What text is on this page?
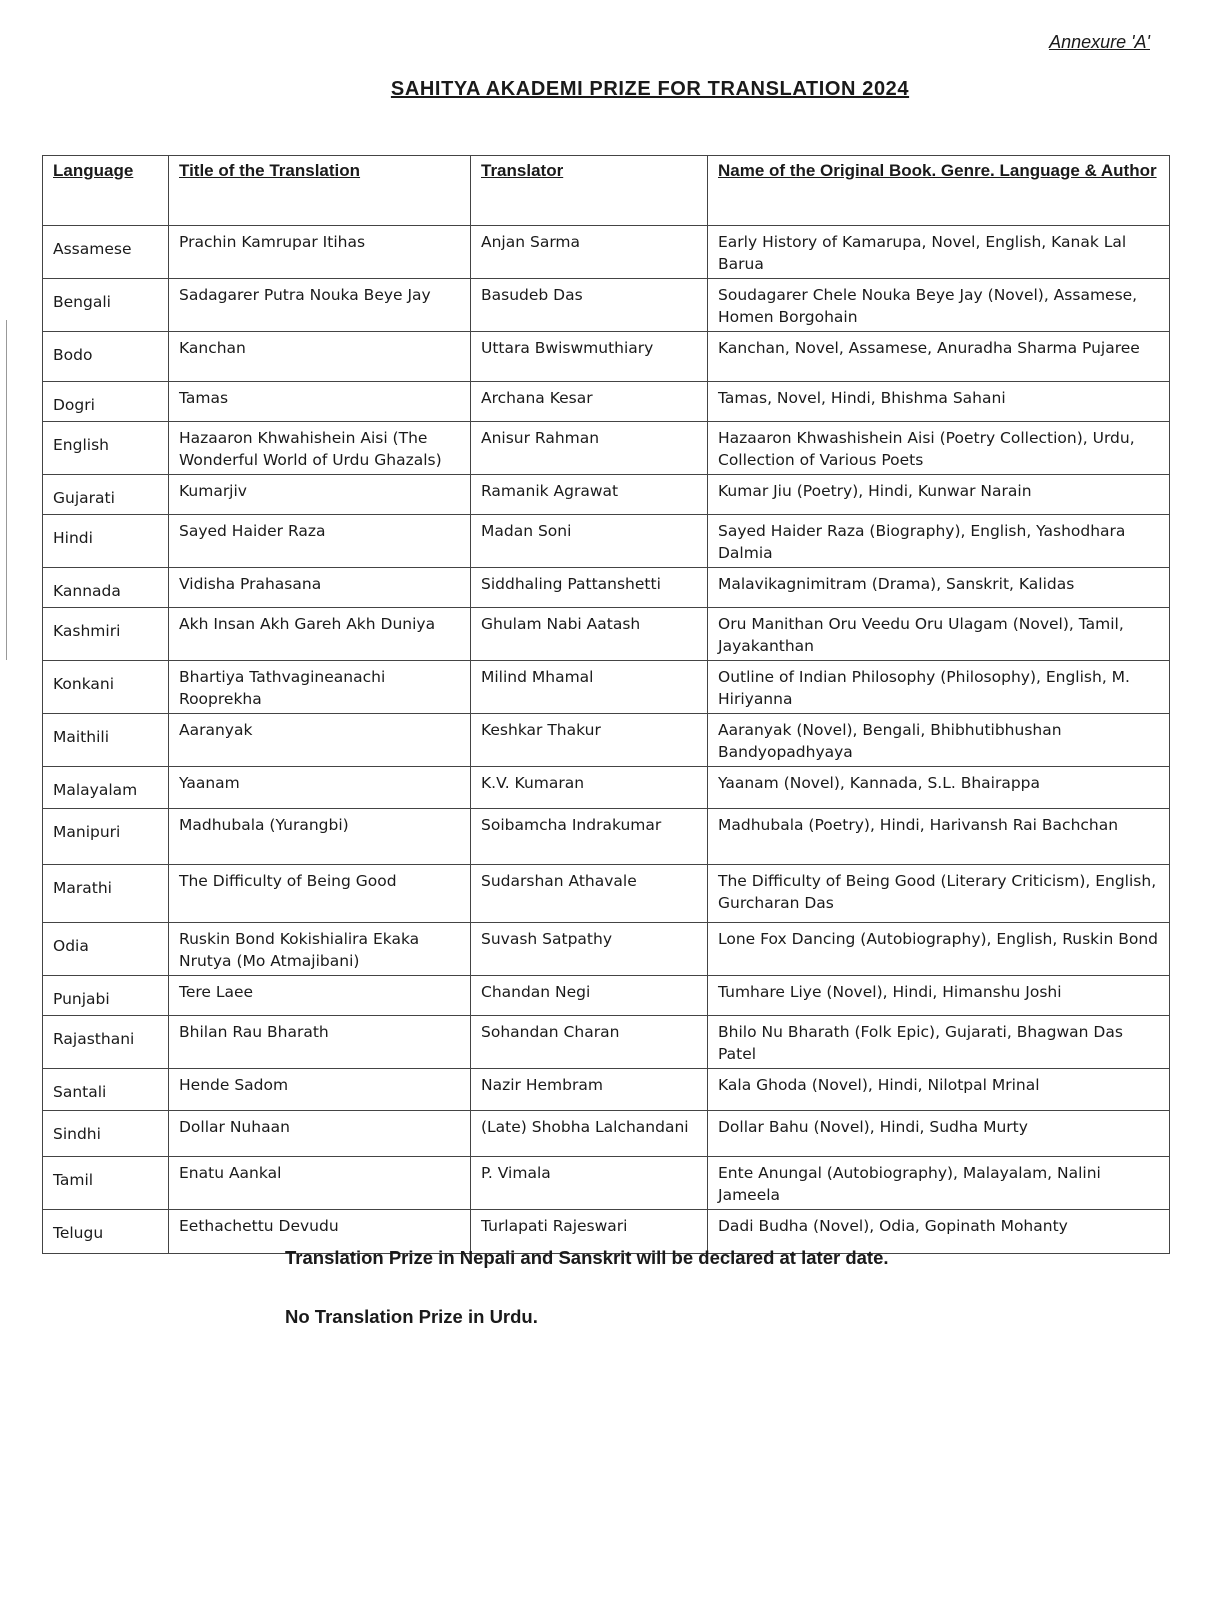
Annexure 'A'
SAHITYA AKADEMI PRIZE FOR TRANSLATION 2024
Language	Title of the Translation	Translator	Name of the Original Book. Genre. Language & Author
Assamese	Prachin Kamrupar Itihas	Anjan Sarma	Early History of Kamarupa, Novel, English, Kanak Lal Barua
Bengali	Sadagarer Putra Nouka Beye Jay	Basudeb Das	Soudagarer Chele Nouka Beye Jay (Novel), Assamese, Homen Borgohain
Bodo	Kanchan	Uttara Bwiswmuthiary	Kanchan, Novel, Assamese, Anuradha Sharma Pujaree
Dogri	Tamas	Archana Kesar	Tamas, Novel, Hindi, Bhishma Sahani
English	Hazaaron Khwahishein Aisi (The Wonderful World of Urdu Ghazals)	Anisur Rahman	Hazaaron Khwashishein Aisi (Poetry Collection), Urdu, Collection of Various Poets
Gujarati	Kumarjiv	Ramanik Agrawat	Kumar Jiu (Poetry), Hindi, Kunwar Narain
Hindi	Sayed Haider Raza	Madan Soni	Sayed Haider Raza (Biography), English, Yashodhara Dalmia
Kannada	Vidisha Prahasana	Siddhaling Pattanshetti	Malavikagnimitram (Drama), Sanskrit, Kalidas
Kashmiri	Akh Insan Akh Gareh Akh Duniya	Ghulam Nabi Aatash	Oru Manithan Oru Veedu Oru Ulagam (Novel), Tamil, Jayakanthan
Konkani	Bhartiya Tathvagineanachi Rooprekha	Milind Mhamal	Outline of Indian Philosophy (Philosophy), English, M. Hiriyanna
Maithili	Aaranyak	Keshkar Thakur	Aaranyak (Novel), Bengali, Bhibhutibhushan Bandyopadhyaya
Malayalam	Yaanam	K.V. Kumaran	Yaanam (Novel), Kannada, S.L. Bhairappa
Manipuri	Madhubala (Yurangbi)	Soibamcha Indrakumar	Madhubala (Poetry), Hindi, Harivansh Rai Bachchan
Marathi	The Difficulty of Being Good	Sudarshan Athavale	The Difficulty of Being Good (Literary Criticism), English, Gurcharan Das
Odia	Ruskin Bond Kokishialira Ekaka Nrutya (Mo Atmajibani)	Suvash Satpathy	Lone Fox Dancing (Autobiography), English, Ruskin Bond
Punjabi	Tere Laee	Chandan Negi	Tumhare Liye (Novel), Hindi, Himanshu Joshi
Rajasthani	Bhilan Rau Bharath	Sohandan Charan	Bhilo Nu Bharath (Folk Epic), Gujarati, Bhagwan Das Patel
Santali	Hende Sadom	Nazir Hembram	Kala Ghoda (Novel), Hindi, Nilotpal Mrinal
Sindhi	Dollar Nuhaan	(Late) Shobha Lalchandani	Dollar Bahu (Novel), Hindi, Sudha Murty
Tamil	Enatu Aankal	P. Vimala	Ente Anungal (Autobiography), Malayalam, Nalini Jameela
Telugu	Eethachettu Devudu	Turlapati Rajeswari	Dadi Budha (Novel), Odia, Gopinath Mohanty
Translation Prize in Nepali and Sanskrit will be declared at later date.
No Translation Prize in Urdu.
